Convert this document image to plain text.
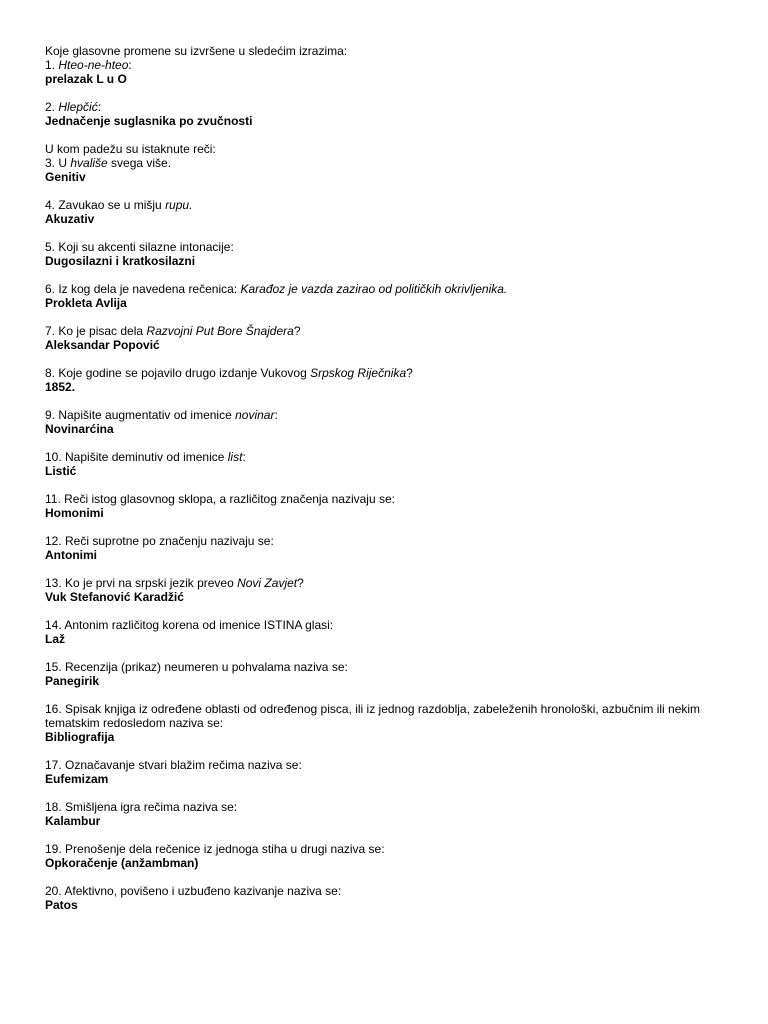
Koje glasovne promene su izvršene u sledećim izrazima:
1. Hteo-ne-hteo:
prelazak L u O
2. Hlepčić:
Jednačenje suglasnika po zvučnosti
U kom padežu su istaknute reči:
3. U hvališe svega više.
Genitiv
4. Zavukao se u mišju rupu.
Akuzativ
5. Koji su akcenti silazne intonacije:
Dugosilazni i kratkosilazni
6. Iz kog dela je navedena rečenica: Karađoz je vazda zazirao od političkih okrivljenika.
Prokleta Avlija
7. Ko je pisac dela Razvojni Put Bore Šnajdera?
Aleksandar Popović
8. Koje godine se pojavilo drugo izdanje Vukovog Srpskog Riječnika?
1852.
9. Napišite augmentativ od imenice novinar:
Novinarćina
10. Napišite deminutiv od imenice list:
Listić
11. Reči istog glasovnog sklopa, a različitog značenja nazivaju se:
Homonimi
12. Reči suprotne po značenju nazivaju se:
Antonimi
13. Ko je prvi na srpski jezik preveo Novi Zavjet?
Vuk Stefanović Karadžić
14. Antonim različitog korena od imenice ISTINA glasi:
Laž
15. Recenzija (prikaz) neumeren u pohvalama naziva se:
Panegirik
16. Spisak knjiga iz određene oblasti od određenog pisca, ili iz jednog razdoblja, zabeleženih hronološki, azbučnim ili nekim tematskim redosledom naziva se:
Bibliografija
17. Označavanje stvari blažim rečima naziva se:
Eufemizam
18. Smišljena igra rečima naziva se:
Kalambur
19. Prenošenje dela rečenice iz jednoga stiha u drugi naziva se:
Opkoračenje (anžambman)
20. Afektivno, povišeno i uzbuđeno kazivanje naziva se:
Patos
